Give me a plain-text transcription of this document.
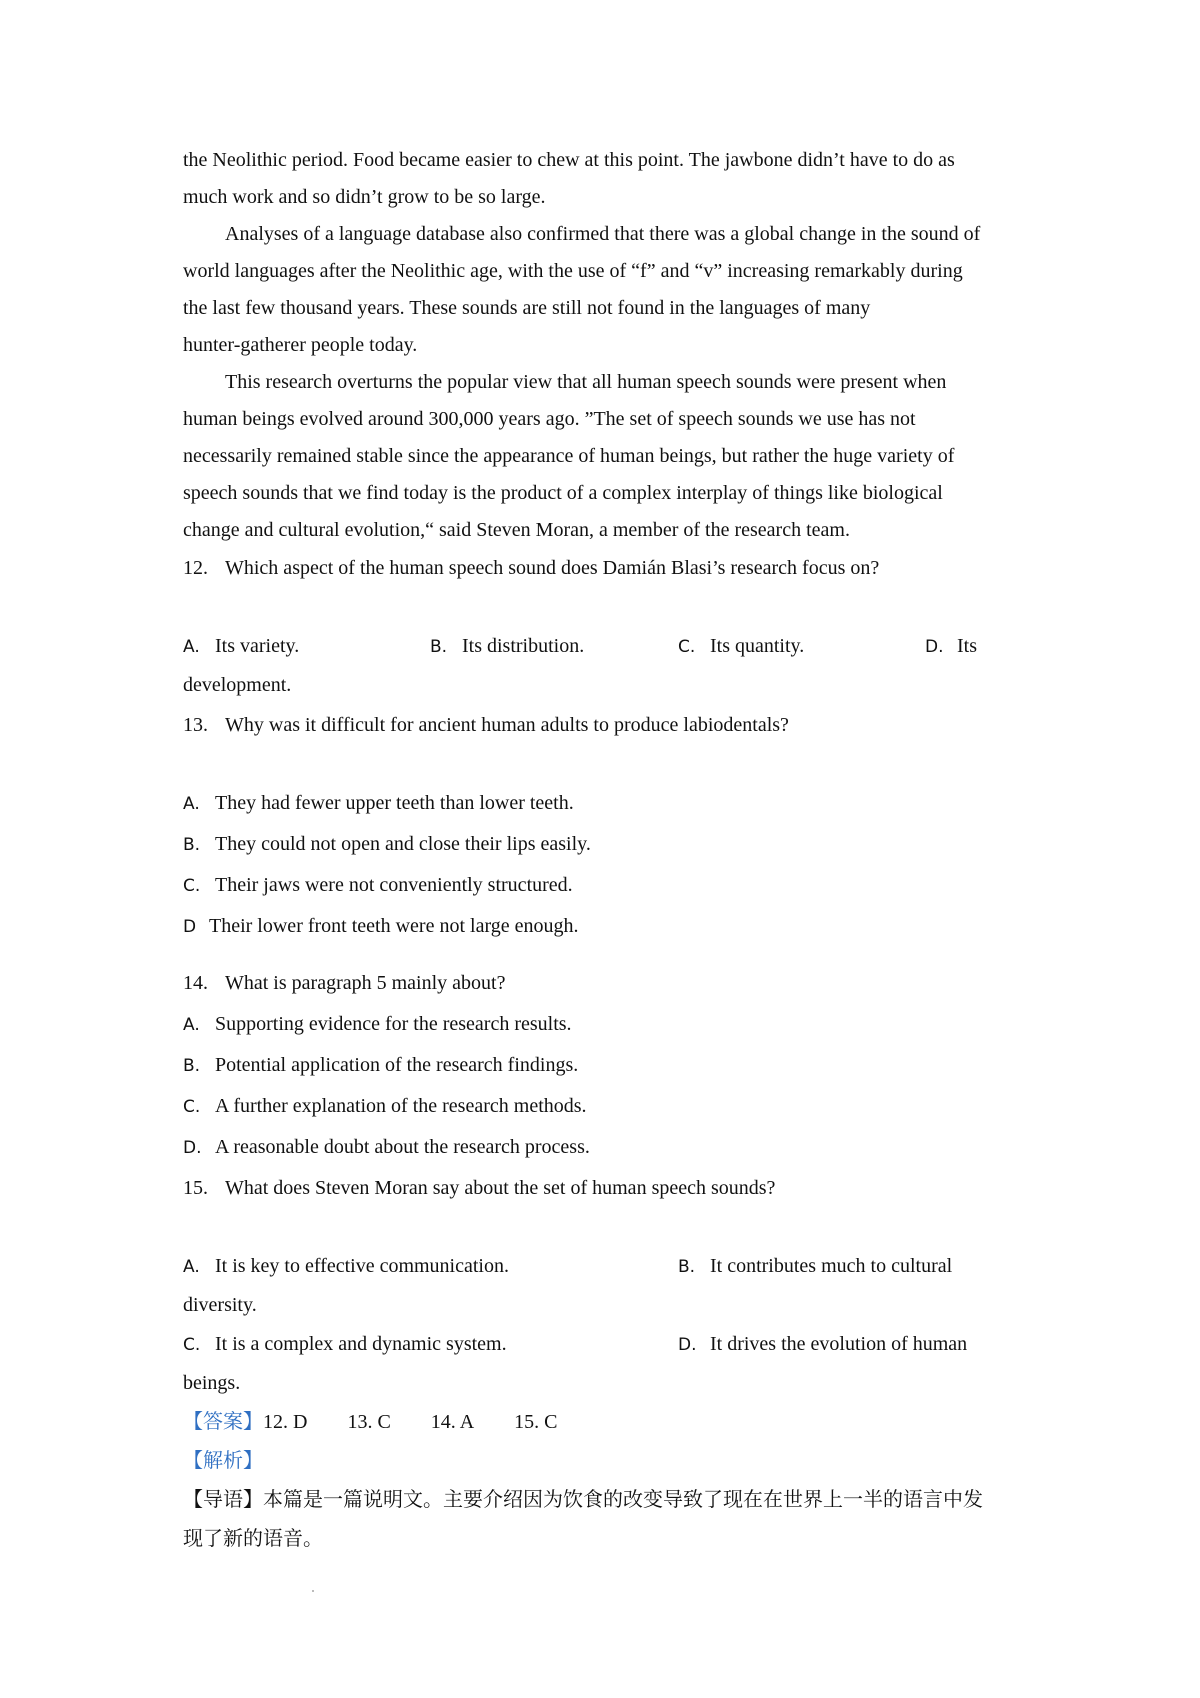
the Neolithic period. Food became easier to chew at this point. The jawbone didn’t have to do as
much work and so didn’t grow to be so large.
Analyses of a language database also confirmed that there was a global change in the sound of
world languages after the Neolithic age, with the use of “f” and “v” increasing remarkably during
the last few thousand years. These sounds are still not found in the languages of many
hunter-gatherer people today.
This research overturns the popular view that all human speech sounds were present when
human beings evolved around 300,000 years ago. ”The set of speech sounds we use has not
necessarily remained stable since the appearance of human beings, but rather the huge variety of
speech sounds that we find today is the product of a complex interplay of things like biological
change and cultural evolution,“ said Steven Moran, a member of the research team.
12. Which aspect of the human speech sound does Damián Blasi’s research focus on?
A. Its variety.	B. Its distribution.	C. Its quantity.	D. Its
development.
13. Why was it difficult for ancient human adults to produce labiodentals?
A. They had fewer upper teeth than lower teeth.
B. They could not open and close their lips easily.
C. Their jaws were not conveniently structured.
D Their lower front teeth were not large enough.
14. What is paragraph 5 mainly about?
A. Supporting evidence for the research results.
B. Potential application of the research findings.
C. A further explanation of the research methods.
D. A reasonable doubt about the research process.
15. What does Steven Moran say about the set of human speech sounds?
A. It is key to effective communication.	B. It contributes much to cultural
diversity.
C. It is a complex and dynamic system.	D. It drives the evolution of human
beings.
【答案】12. D 13. C 14. A 15. C
【解析】
【导语】本篇是一篇说明文。主要介绍因为饮食的改变导致了现在在世界上一半的语言中发
现了新的语音。
